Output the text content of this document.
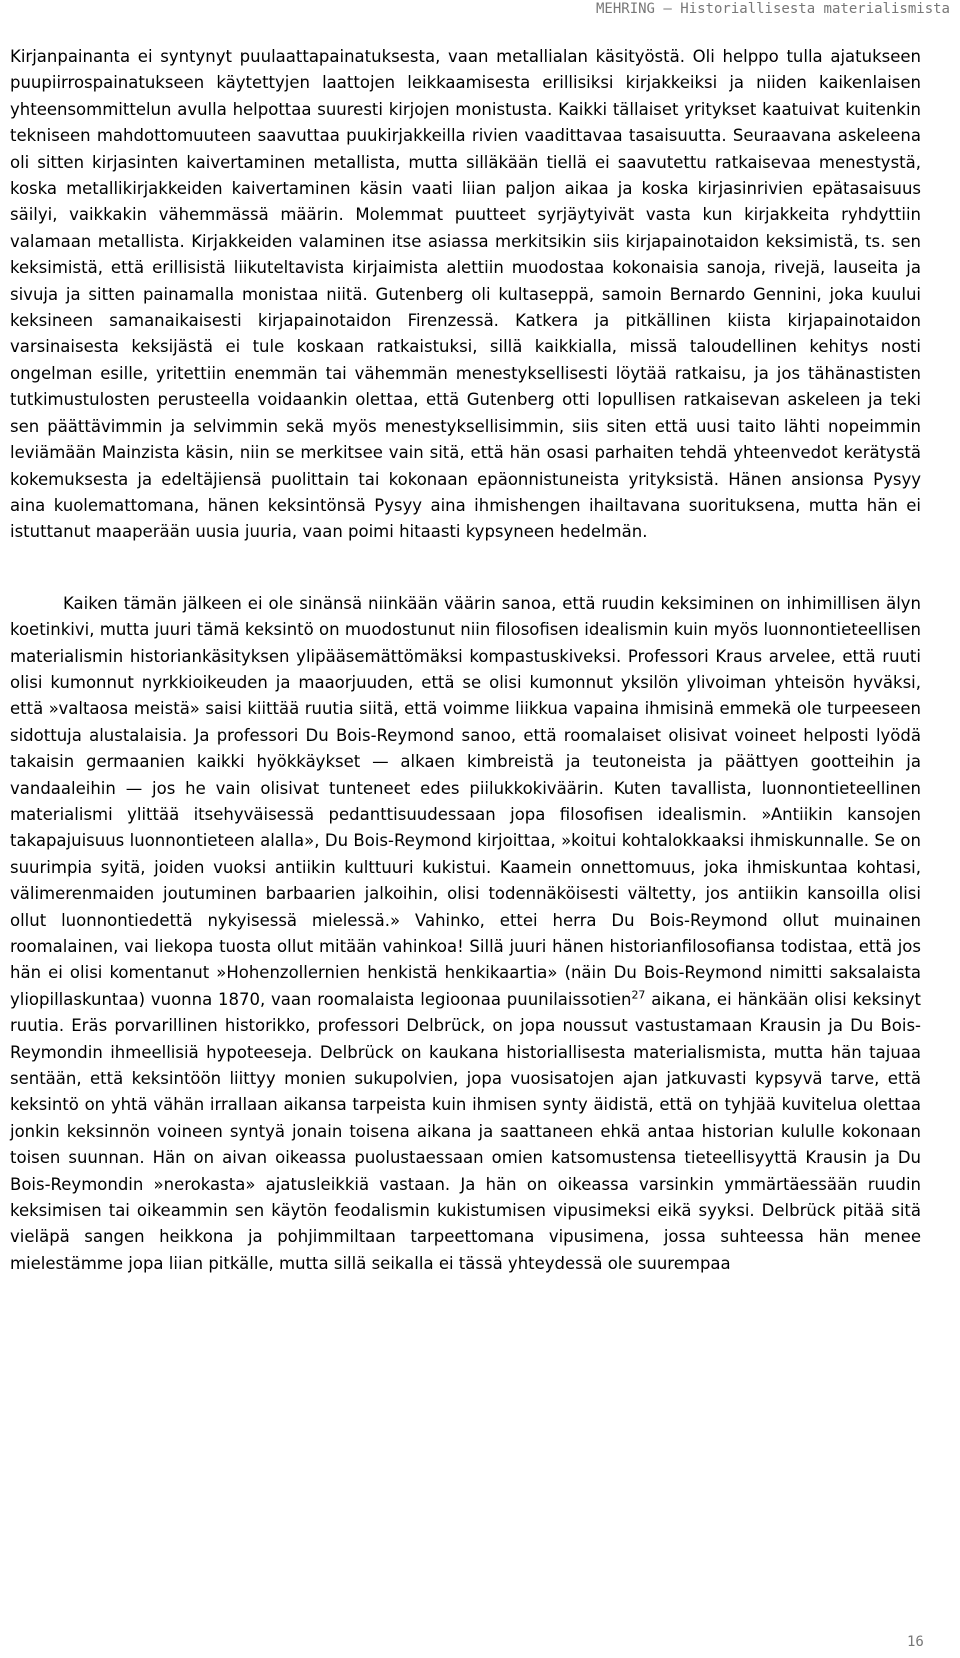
MEHRING – Historiallisesta materialismista

Kirjanpainanta ei syntynyt puulaattapainatuksesta, vaan metallialan käsityöstä. Oli helppo tulla ajatukseen puupiirrospainatukseen käytettyjen laattojen leikkaamisesta erillisiksi kirjakkeiksi ja niiden kaikenlaisen yhteensommittelun avulla helpottaa suuresti kirjojen monistusta. Kaikki tällaiset yritykset kaatuivat kuitenkin tekniseen mahdottomuuteen saavuttaa puukirjakkeilla rivien vaadittavaa tasaisuutta. Seuraavana askeleena oli sitten kirjasinten kaivertaminen metallista, mutta silläkään tiellä ei saavutettu ratkaisevaa menestystä, koska metallikirjakkeiden kaivertaminen käsin vaati liian paljon aikaa ja koska kirjasinrivien epätasaisuus säilyi, vaikkakin vähemmässä määrin. Molemmat puutteet syrjäytyivät vasta kun kirjakkeita ryhdyttiin valamaan metallista. Kirjakkeiden valaminen itse asiassa merkitsikin siis kirjapainotaidon keksimistä, ts. sen keksimistä, että erillisistä liikuteltavista kirjaimista alettiin muodostaa kokonaisia sanoja, rivejä, lauseita ja sivuja ja sitten painamalla monistaa niitä. Gutenberg oli kultaseppä, samoin Bernardo Gennini, joka kuului keksineen samanaikaisesti kirjapainotaidon Firenzessä. Katkera ja pitkällinen kiista kirjapainotaidon varsinaisesta keksijästä ei tule koskaan ratkaistuksi, sillä kaikkialla, missä taloudellinen kehitys nosti ongelman esille, yritettiin enemmän tai vähemmän menestyksellisesti löytää ratkaisu, ja jos tähänastisten tutkimustulosten perusteella voidaankin olettaa, että Gutenberg otti lopullisen ratkaisevan askeleen ja teki sen päättävimmin ja selvimmin sekä myös menestyksellisimmin, siis siten että uusi taito lähti nopeimmin leviämään Mainzista käsin, niin se merkitsee vain sitä, että hän osasi parhaiten tehdä yhteenvedot kerätystä kokemuksesta ja edeltäjiensä puolittain tai kokonaan epäonnistuneista yrityksistä. Hänen ansionsa Pysyy aina kuolemattomana, hänen keksintönsä Pysyy aina ihmishengen ihailtavana suorituksena, mutta hän ei istuttanut maaperään uusia juuria, vaan poimi hitaasti kypsyneen hedelmän.

Kaiken tämän jälkeen ei ole sinänsä niinkään väärin sanoa, että ruudin keksiminen on inhimillisen älyn koetinkivi, mutta juuri tämä keksintö on muodostunut niin filosofisen idealismin kuin myös luonnontieteellisen materialismin historiankäsityksen ylipääsemättömäksi kompastuskiveksi. Professori Kraus arvelee, että ruuti olisi kumonnut nyrkkioikeuden ja maaorjuuden, että se olisi kumonnut yksilön ylivoiman yhteisön hyväksi, että »valtaosa meistä» saisi kiittää ruutia siitä, että voimme liikkua vapaina ihmisinä emmekä ole turpeeseen sidottuja alustalaisia. Ja professori Du Bois-Reymond sanoo, että roomalaiset olisivat voineet helposti lyödä takaisin germaanien kaikki hyökkäykset — alkaen kimbreistä ja teutoneista ja päättyen gootteihin ja vandaaleihin — jos he vain olisivat tunteneet edes piilukkokiväärin. Kuten tavallista, luonnontieteellinen materialismi ylittää itsehyväisessä pedanttisuudessaan jopa filosofisen idealismin. »Antiikin kansojen takapajuisuus luonnontieteen alalla», Du Bois-Reymond kirjoittaa, »koitui kohtalokkaaksi ihmiskunnalle. Se on suurimpia syitä, joiden vuoksi antiikin kulttuuri kukistui. Kaamein onnettomuus, joka ihmiskuntaa kohtasi, välimerenmaiden joutuminen barbaarien jalkoihin, olisi todennäköisesti vältetty, jos antiikin kansoilla olisi ollut luonnontiedettä nykyisessä mielessä.» Vahinko, ettei herra Du Bois-Reymond ollut muinainen roomalainen, vai liekopa tuosta ollut mitään vahinkoa! Sillä juuri hänen historianfilosofiansa todistaa, että jos hän ei olisi komentanut »Hohenzollernien henkistä henkikaartia» (näin Du Bois-Reymond nimitti saksalaista yliopillaskuntaa) vuonna 1870, vaan roomalaista legioonaa puunilaissotien$^{27}$ aikana, ei hänkään olisi keksinyt ruutia. Eräs porvarillinen historikko, professori Delbrück, on jopa noussut vastustamaan Krausin ja Du Bois-Reymondin ihmeellisiä hypoteeseja. Delbrück on kaukana historiallisesta materialismista, mutta hän tajuaa sentään, että keksintöön liittyy monien sukupolvien, jopa vuosisatojen ajan jatkuvasti kypsyvä tarve, että keksintö on yhtä vähän irrallaan aikansa tarpeista kuin ihmisen synty äidistä, että on tyhjää kuvitelua olettaa jonkin keksinnön voineen syntyä jonain toisena aikana ja saattaneen ehkä antaa historian kululle kokonaan toisen suunnan. Hän on aivan oikeassa puolustaessaan omien katsomustensa tieteellisyyttä Krausin ja Du Bois-Reymondin »nerokasta» ajatusleikkiä vastaan. Ja hän on oikeassa varsinkin ymmärtäessään ruudin keksimisen tai oikeammin sen käytön feodalismin kukistumisen vipusimeksi eikä syyksi. Delbrück pitää sitä vieläpä sangen heikkona ja pohjimmiltaan tarpeettomana vipusimena, jossa suhteessa hän menee mielestämme jopa liian pitkälle, mutta sillä seikalla ei tässä yhteydessä ole suurempaa

16
